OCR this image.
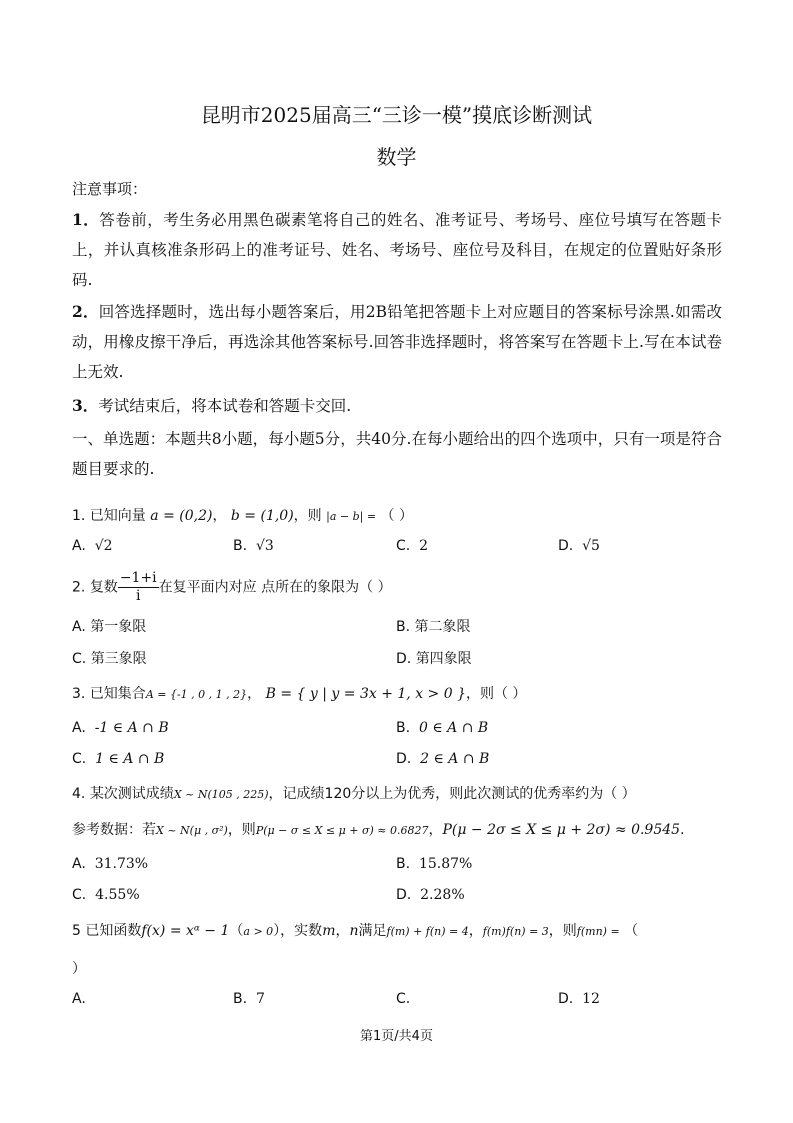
昆明市2025届高三“三诊一模”摸底诊断测试
数学
注意事项：
1．答卷前，考生务必用黑色碳素笔将自己的姓名、准考证号、考场号、座位号填写在答题卡上，并认真核准条形码上的准考证号、姓名、考场号、座位号及科目，在规定的位置贴好条形码.
2．回答选择题时，选出每小题答案后，用2B铅笔把答题卡上对应题目的答案标号涂黑.如需改动，用橡皮擦干净后，再选涂其他答案标号.回答非选择题时，将答案写在答题卡上.写在本试卷上无效.
3．考试结束后，将本试卷和答题卡交回.
一、单选题：本题共8小题，每小题5分，共40分.在每小题给出的四个选项中，只有一项是符合题目要求的.
1. 已知向量 a = (0,2)， b = (1,0)，则 |a − b| = （ ）
A. √2	B. √3	C. 2	D. √5
2. 复数 $\frac{-1+i}{i}$ 在复平面内对应 点所在的象限为（ ）
A. 第一象限	B. 第二象限
C. 第三象限	D. 第四象限
3. 已知集合A = {-1 , 0 , 1 , 2}， B = { y | y = 3x + 1, x > 0 }，则（ ）
A. -1 ∈ A ∩ B	B. 0 ∈ A ∩ B
C. 1 ∈ A ∩ B	D. 2 ∈ A ∩ B
4. 某次测试成绩X ~ N(105 , 225)，记成绩120分以上为优秀，则此次测试的优秀率约为（ ）
参考数据：若X ~ N(μ , σ²)，则P(μ − σ ≤ X ≤ μ + σ) ≈ 0.6827，P(μ − 2σ ≤ X ≤ μ + 2σ) ≈ 0.9545.
A. 31.73%	B. 15.87%
C. 4.55%	D. 2.28%
5 已知函数f(x) = xᵅ − 1（a > 0），实数m，n满足f(m) + f(n) = 4，f(m)f(n) = 3，则f(mn) = （
）
A.	B. 7	C.	D. 12
第1页/共4页
